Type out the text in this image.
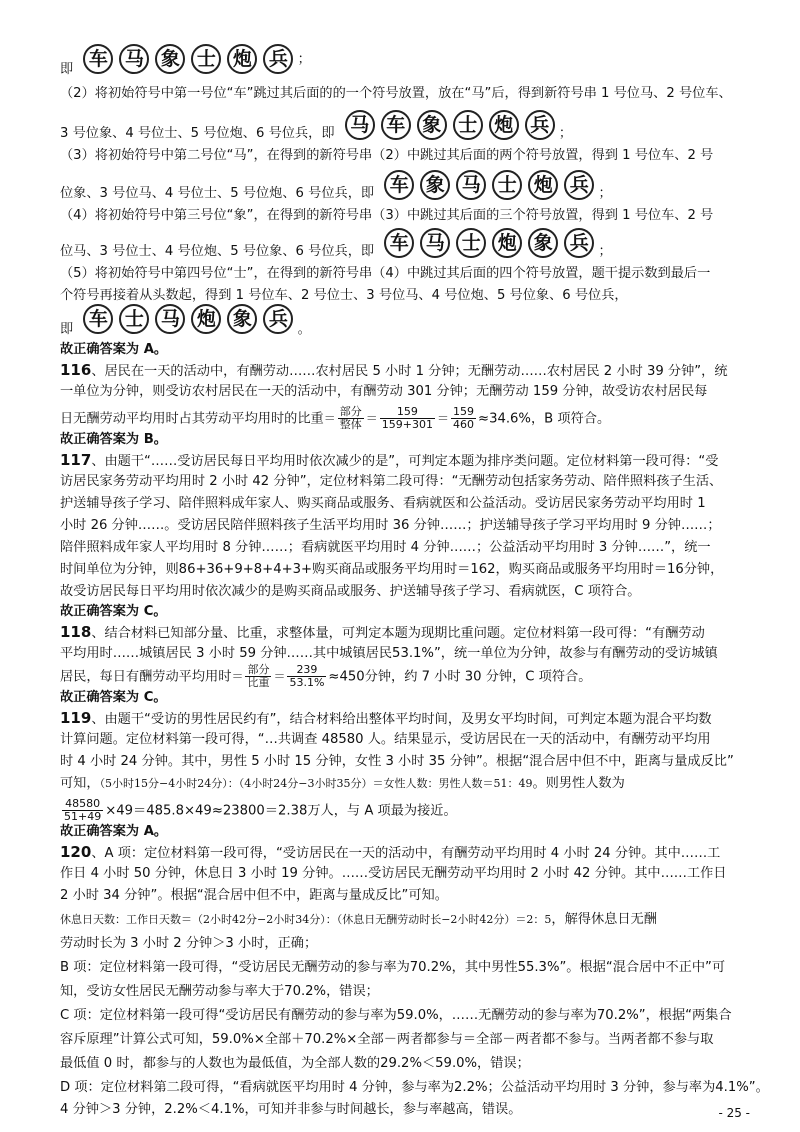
即 车 马 象 士 炮 兵 ；
（2）将初始符号中第一号位“车”跳过其后面的的一个符号放置，放在“马”后，得到新符号串 1 号位马、2 号位车、
3 号位象、4 号位士、5 号位炮、6 号位兵，即 马 车 象 士 炮 兵 ；
（3）将初始符号中第二号位“马”，在得到的新符号串（2）中跳过其后面的两个符号放置，得到 1 号位车、2 号
位象、3 号位马、4 号位士、5 号位炮、6 号位兵，即 车 象 马 士 炮 兵 ；
（4）将初始符号中第三号位“象”，在得到的新符号串（3）中跳过其后面的三个符号放置，得到 1 号位车、2 号
位马、3 号位士、4 号位炮、5 号位象、6 号位兵，即 车 马 士 炮 象 兵 ；
（5）将初始符号中第四号位“士”，在得到的新符号串（4）中跳过其后面的四个符号放置，题干提示数到最后一
个符号再接着从头数起，得到 1 号位车、2 号位士、3 号位马、4 号位炮、5 号位象、6 号位兵，
即 车 士 马 炮 象 兵 。
故正确答案为 A。
116、居民在一天的活动中，有酬劳动……农村居民 5 小时 1 分钟；无酬劳动……农村居民 2 小时 39 分钟”，统
一单位为分钟，则受访农村居民在一天的活动中，有酬劳动 301 分钟；无酬劳动 159 分钟，故受访农村居民每
日无酬劳动平均用时占其劳动平均用时的比重＝ $\frac{\text{部分}}{\text{整体}} = \frac{159}{159+301} = \frac{159}{460} \approx 34.6\%$，B 项符合。
故正确答案为 B。
117、由题干“……受访居民每日平均用时依次减少的是”，可判定本题为排序类问题。定位材料第一段可得：“受
访居民家务劳动平均用时 2 小时 42 分钟”，定位材料第二段可得：“无酬劳动包括家务劳动、陪伴照料孩子生活、
护送辅导孩子学习、陪伴照料成年家人、购买商品或服务、看病就医和公益活动。受访居民家务劳动平均用时 1
小时 26 分钟……。受访居民陪伴照料孩子生活平均用时 36 分钟……；护送辅导孩子学习平均用时 9 分钟……；
陪伴照料成年家人平均用时 8 分钟……；看病就医平均用时 4 分钟……；公益活动平均用时 3 分钟……”，统一
时间单位为分钟，则86+36+9+8+4+3+购买商品或服务平均用时＝162，购买商品或服务平均用时＝16分钟，
故受访居民每日平均用时依次减少的是购买商品或服务、护送辅导孩子学习、看病就医，C 项符合。
故正确答案为 C。
118、结合材料已知部分量、比重，求整体量，可判定本题为现期比重问题。定位材料第一段可得：“有酬劳动
平均用时……城镇居民 3 小时 59 分钟……其中城镇居民53.1%”，统一单位为分钟，故参与有酬劳动的受访城镇
居民，每日有酬劳动平均用时＝ $\frac{\text{部分}}{\text{比重}} = \frac{239}{53.1\%} \approx 450$分钟，约 7 小时 30 分钟，C 项符合。
故正确答案为 C。
119、由题干“受访的男性居民约有”，结合材料给出整体平均时间，及男女平均时间，可判定本题为混合平均数
计算问题。定位材料第一段可得，“…共调查 48580 人。结果显示，受访居民在一天的活动中，有酬劳动平均用
时 4 小时 24 分钟。其中，男性 5 小时 15 分钟，女性 3 小时 35 分钟”。根据“混合居中但不中，距离与量成反比”
可知，（5小时15分−4小时24分）：（4小时24分−3小时35分）＝女性人数：男性人数＝51：49。则男性人数为
$\frac{48580}{51+49} \times 49=485.8\times 49\approx 23800=2.38$万人，与 A 项最为接近。
故正确答案为 A。
120、A 项：定位材料第一段可得，“受访居民在一天的活动中，有酬劳动平均用时 4 小时 24 分钟。其中……工
作日 4 小时 50 分钟，休息日 3 小时 19 分钟。……受访居民无酬劳动平均用时 2 小时 42 分钟。其中……工作日
2 小时 34 分钟”。根据“混合居中但不中，距离与量成反比”可知。
休息日天数：工作日天数＝（2小时42分−2小时34分）：（休息日无酬劳动时长−2小时42分）＝2：5，解得休息日无酬
劳动时长为 3 小时 2 分钟＞3 小时，正确；
B 项：定位材料第一段可得，“受访居民无酬劳动的参与率为70.2%，其中男性55.3%”。根据“混合居中不正中”可
知，受访女性居民无酬劳动参与率大于70.2%，错误；
C 项：定位材料第一段可得“受访居民有酬劳动的参与率为59.0%，……无酬劳动的参与率为70.2%”，根据“两集合
容斥原理”计算公式可知，59.0%×全部＋70.2%×全部－两者都参与＝全部－两者都不参与。当两者都不参与取
最低值 0 时，都参与的人数也为最低值，为全部人数的29.2%＜59.0%，错误；
D 项：定位材料第二段可得，“看病就医平均用时 4 分钟，参与率为2.2%；公益活动平均用时 3 分钟，参与率为4.1%”。
4 分钟＞3 分钟，2.2%＜4.1%，可知并非参与时间越长，参与率越高，错误。	- 25 -
